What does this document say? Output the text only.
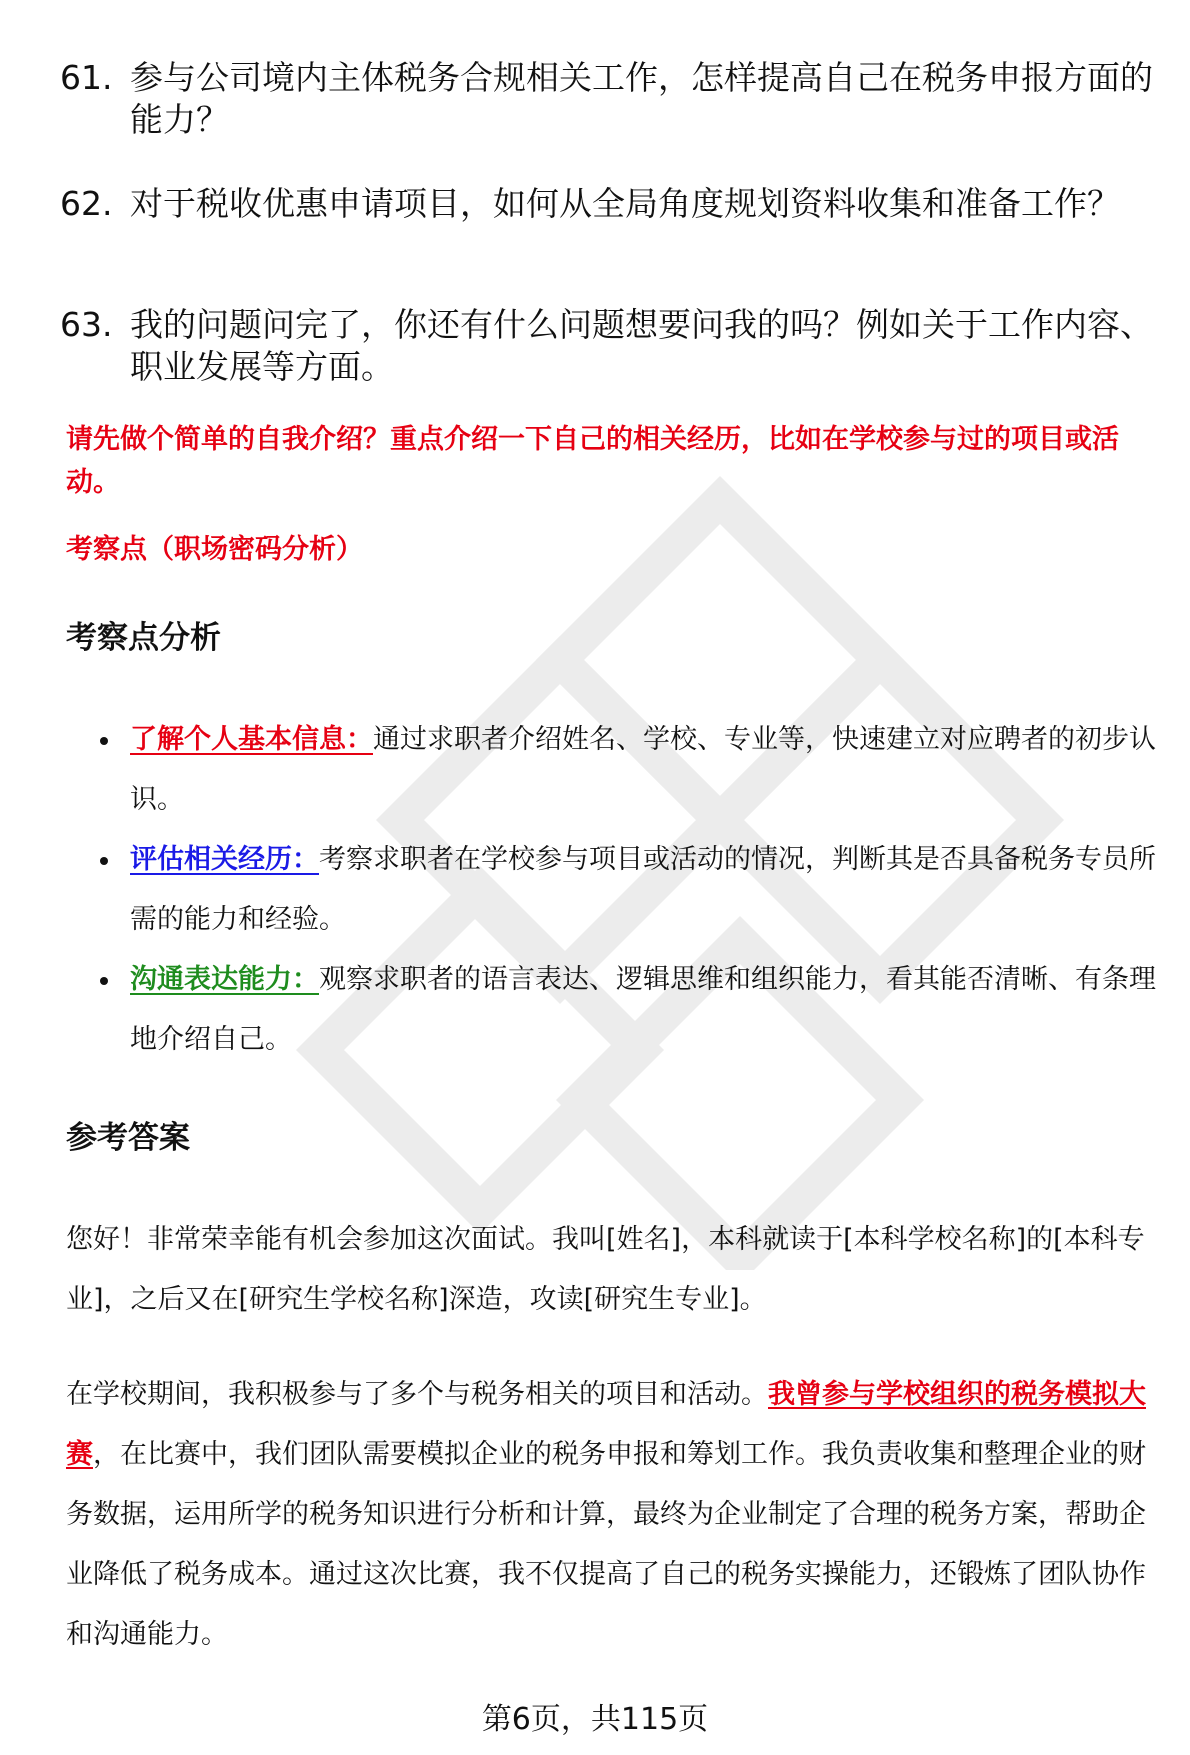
61. 参与公司境内主体税务合规相关工作，怎样提高自己在税务申报方面的能力？
62. 对于税收优惠申请项目，如何从全局角度规划资料收集和准备工作？
63. 我的问题问完了，你还有什么问题想要问我的吗？例如关于工作内容、职业发展等方面。
请先做个简单的自我介绍？重点介绍一下自己的相关经历，比如在学校参与过的项目或活动。
考察点（职场密码分析）
考察点分析
了解个人基本信息：通过求职者介绍姓名、学校、专业等，快速建立对应聘者的初步认识。
评估相关经历：考察求职者在学校参与项目或活动的情况，判断其是否具备税务专员所需的能力和经验。
沟通表达能力：观察求职者的语言表达、逻辑思维和组织能力，看其能否清晰、有条理地介绍自己。
参考答案
您好！非常荣幸能有机会参加这次面试。我叫[姓名]，本科就读于[本科学校名称]的[本科专业]，之后又在[研究生学校名称]深造，攻读[研究生专业]。
在学校期间，我积极参与了多个与税务相关的项目和活动。我曾参与学校组织的税务模拟大赛，在比赛中，我们团队需要模拟企业的税务申报和筹划工作。我负责收集和整理企业的财务数据，运用所学的税务知识进行分析和计算，最终为企业制定了合理的税务方案，帮助企业降低了税务成本。通过这次比赛，我不仅提高了自己的税务实操能力，还锻炼了团队协作和沟通能力。
第6页，共115页
